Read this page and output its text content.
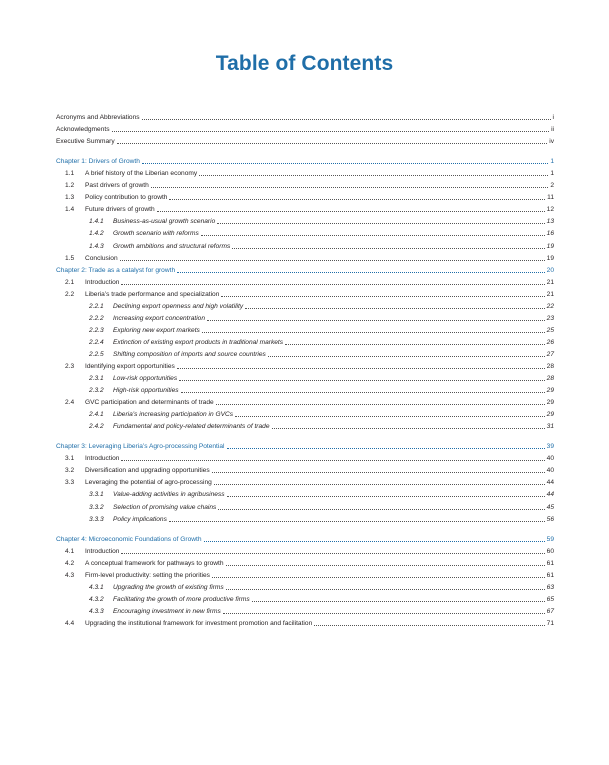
Table of Contents
Acronyms and Abbreviations	i
Acknowledgments	ii
Executive Summary	iv
Chapter 1: Drivers of Growth	1
1.1	A brief history of the Liberian economy	1
1.2	Past drivers of growth	2
1.3	Policy contribution to growth	11
1.4	Future drivers of growth	12
1.4.1	Business-as-usual growth scenario	13
1.4.2	Growth scenario with reforms	16
1.4.3	Growth ambitions and structural reforms	19
1.5	Conclusion	19
Chapter 2: Trade as a catalyst for growth	20
2.1	Introduction	21
2.2	Liberia’s trade performance and specialization	21
2.2.1	Declining export openness and high volatility	22
2.2.2	Increasing export concentration	23
2.2.3	Exploring new export markets	25
2.2.4	Extinction of existing export products in traditional markets	26
2.2.5	Shifting composition of imports and source countries	27
2.3	Identifying export opportunities	28
2.3.1	Low-risk opportunities	28
2.3.2	High-risk opportunities	29
2.4	GVC participation and determinants of trade	29
2.4.1	Liberia’s increasing participation in GVCs	29
2.4.2	Fundamental and policy-related determinants of trade	31
Chapter 3: Leveraging Liberia’s Agro-processing Potential	39
3.1	Introduction	40
3.2	Diversification and upgrading opportunities	40
3.3	Leveraging the potential of agro-processing	44
3.3.1	Value-adding activities in agribusiness	44
3.3.2	Selection of promising value chains	45
3.3.3	Policy implications	56
Chapter 4: Microeconomic Foundations of Growth	59
4.1	Introduction	60
4.2	A conceptual framework for pathways to growth	61
4.3	Firm-level productivity: setting the priorities	61
4.3.1	Upgrading the growth of existing firms	63
4.3.2	Facilitating the growth of more productive firms	65
4.3.3	Encouraging investment in new firms	67
4.4	Upgrading the institutional framework for investment promotion and facilitation	71
